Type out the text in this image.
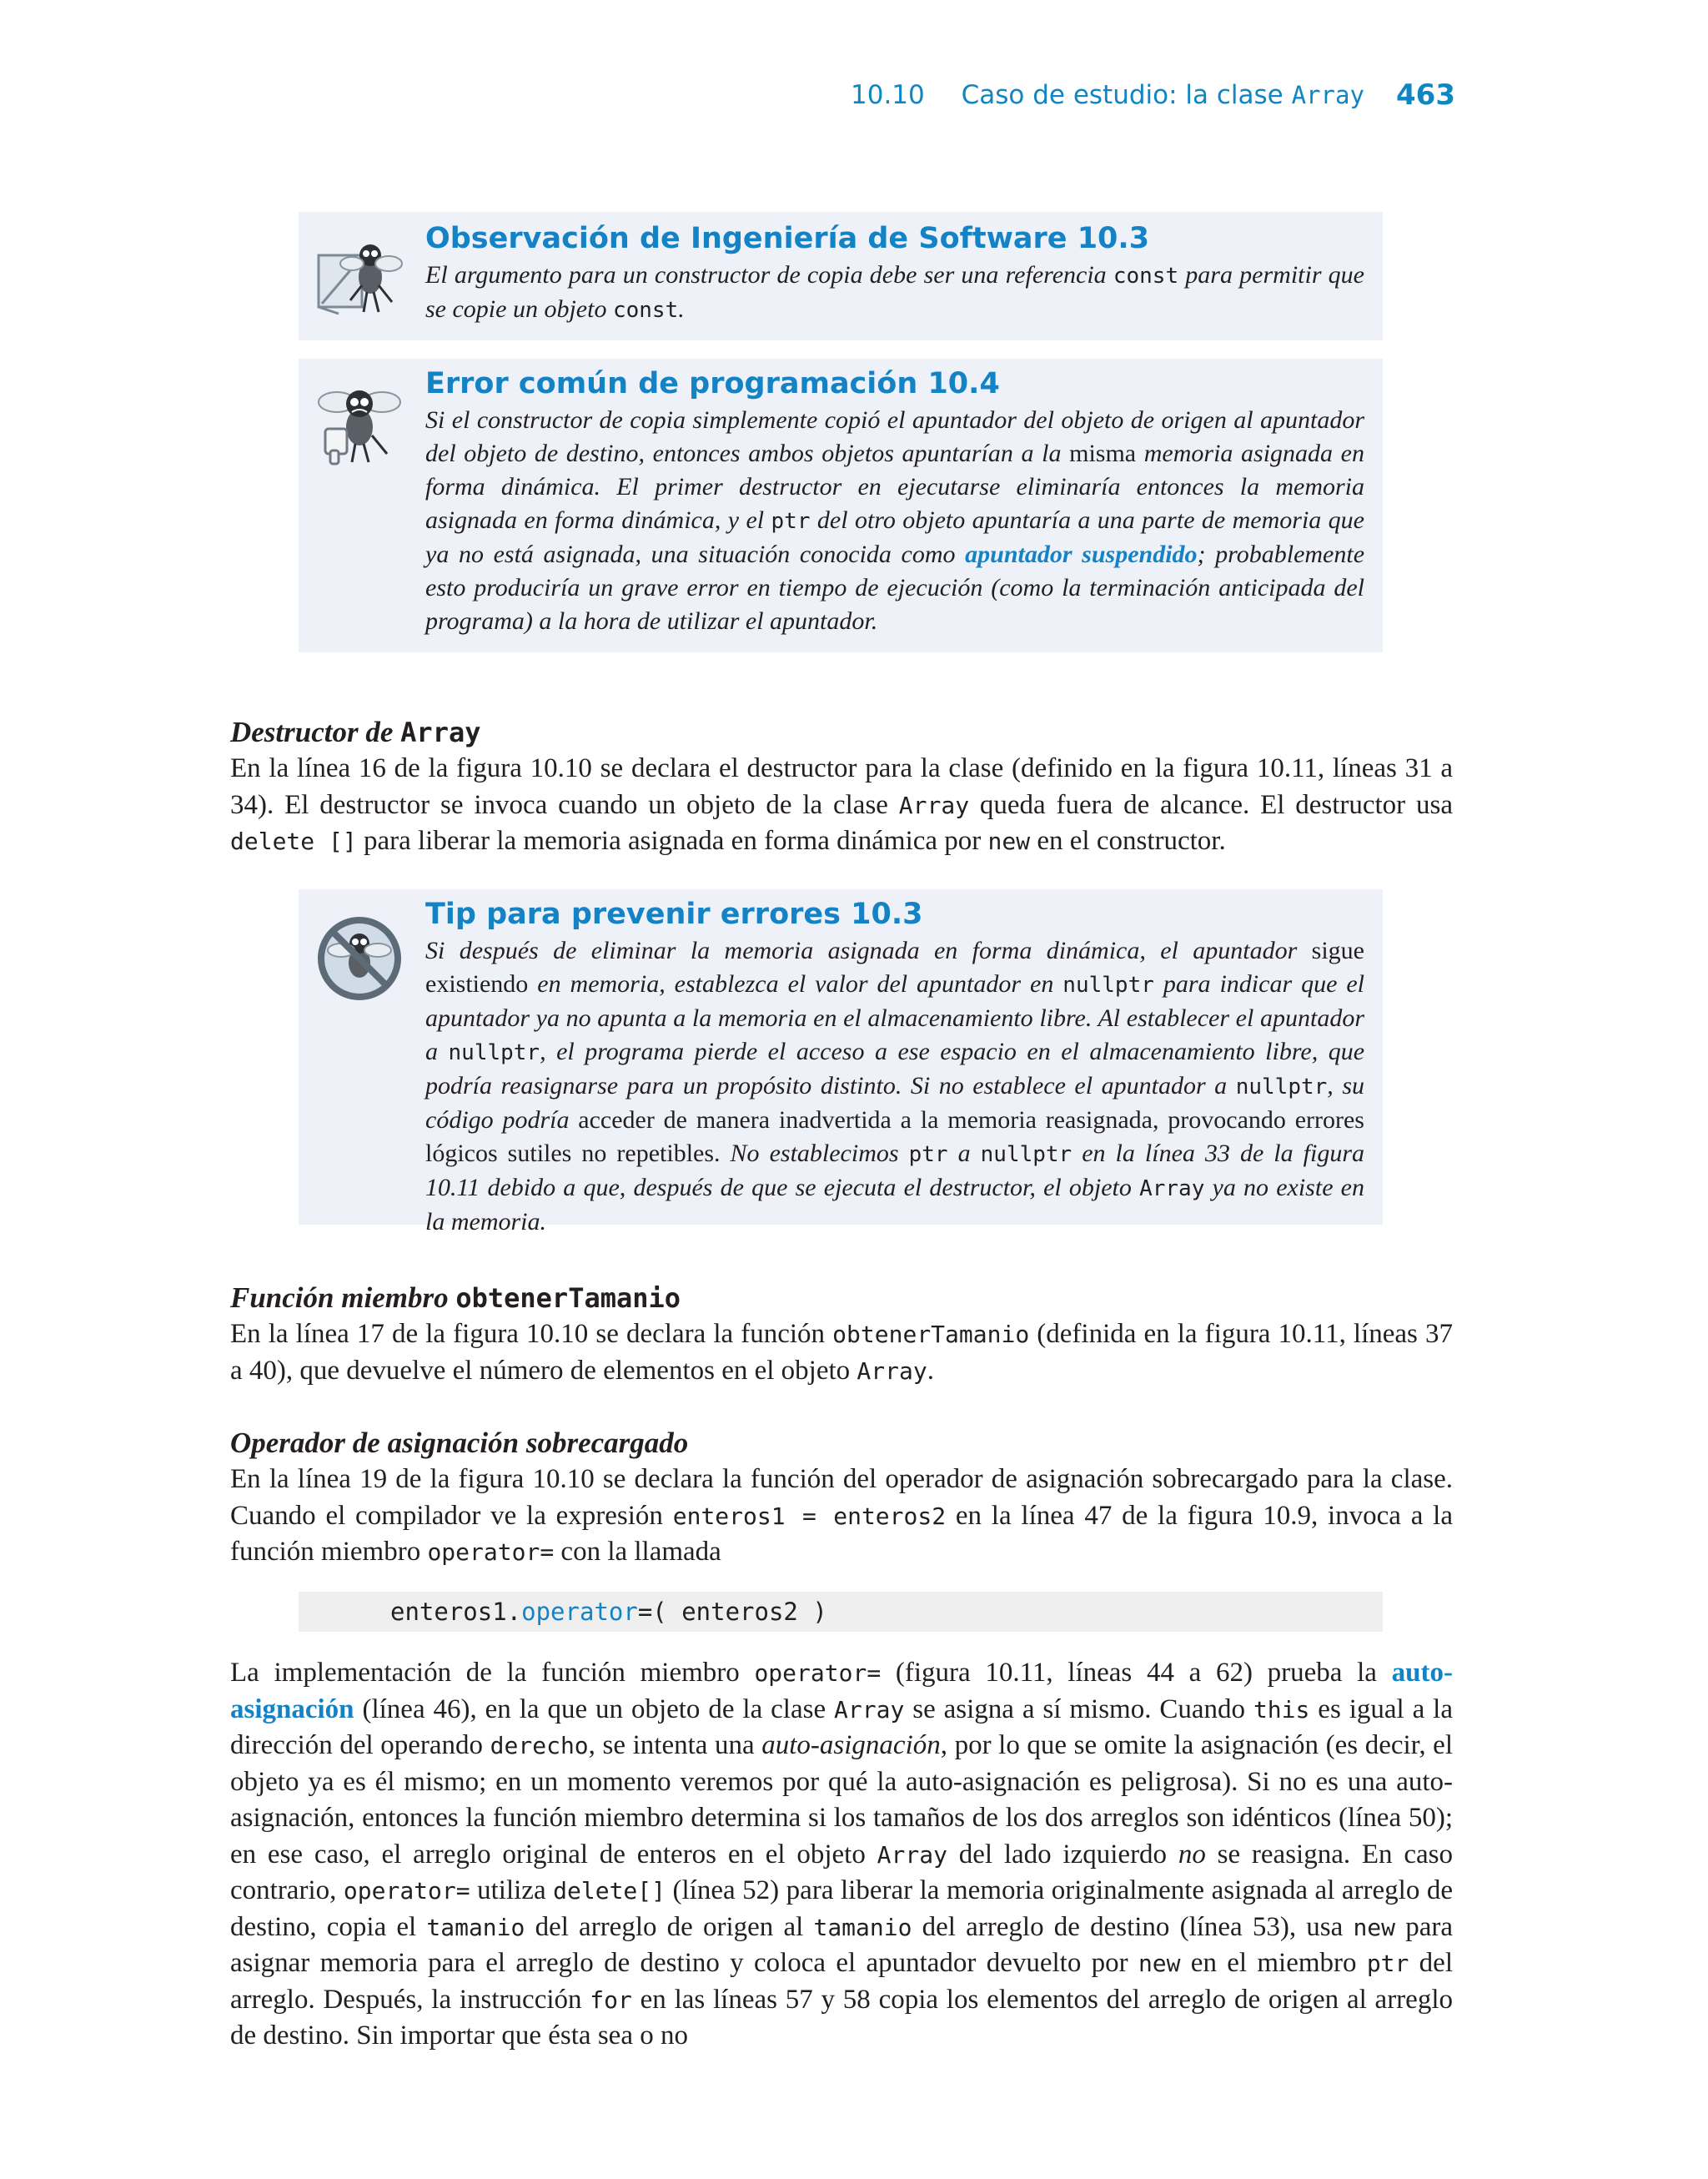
10.10 Caso de estudio: la clase Array	463
Observación de Ingeniería de Software 10.3
El argumento para un constructor de copia debe ser una referencia const para permitir que se copie un objeto const.
Error común de programación 10.4
Si el constructor de copia simplemente copió el apuntador del objeto de origen al apuntador del objeto de destino, entonces ambos objetos apuntarían a la misma memoria asignada en forma dinámica. El primer destructor en ejecutarse eliminaría entonces la memoria asignada en forma dinámica, y el ptr del otro objeto apuntaría a una parte de memoria que ya no está asignada, una situación conocida como apuntador suspendido; probablemente esto produciría un grave error en tiempo de ejecución (como la terminación anticipada del programa) a la hora de utilizar el apuntador.
Destructor de Array
En la línea 16 de la figura 10.10 se declara el destructor para la clase (definido en la figura 10.11, líneas 31 a 34). El destructor se invoca cuando un objeto de la clase Array queda fuera de alcance. El destructor usa delete [] para liberar la memoria asignada en forma dinámica por new en el constructor.
Tip para prevenir errores 10.3
Si después de eliminar la memoria asignada en forma dinámica, el apuntador sigue existiendo en memoria, establezca el valor del apuntador en nullptr para indicar que el apuntador ya no apunta a la memoria en el almacenamiento libre. Al establecer el apuntador a nullptr, el programa pierde el acceso a ese espacio en el almacenamiento libre, que podría reasignarse para un propósito distinto. Si no establece el apuntador a nullptr, su código podría acceder de manera inadvertida a la memoria reasignada, provocando errores lógicos sutiles no repetibles. No establecimos ptr a nullptr en la línea 33 de la figura 10.11 debido a que, después de que se ejecuta el destructor, el objeto Array ya no existe en la memoria.
Función miembro obtenerTamanio
En la línea 17 de la figura 10.10 se declara la función obtenerTamanio (definida en la figura 10.11, líneas 37 a 40), que devuelve el número de elementos en el objeto Array.
Operador de asignación sobrecargado
En la línea 19 de la figura 10.10 se declara la función del operador de asignación sobrecargado para la clase. Cuando el compilador ve la expresión enteros1 = enteros2 en la línea 47 de la figura 10.9, invoca a la función miembro operator= con la llamada
enteros1.operator=( enteros2 )
La implementación de la función miembro operator= (figura 10.11, líneas 44 a 62) prueba la auto-asignación (línea 46), en la que un objeto de la clase Array se asigna a sí mismo. Cuando this es igual a la dirección del operando derecho, se intenta una auto-asignación, por lo que se omite la asignación (es decir, el objeto ya es él mismo; en un momento veremos por qué la auto-asignación es peligrosa). Si no es una auto-asignación, entonces la función miembro determina si los tamaños de los dos arreglos son idénticos (línea 50); en ese caso, el arreglo original de enteros en el objeto Array del lado izquierdo no se reasigna. En caso contrario, operator= utiliza delete[] (línea 52) para liberar la memoria originalmente asignada al arreglo de destino, copia el tamanio del arreglo de origen al tamanio del arreglo de destino (línea 53), usa new para asignar memoria para el arreglo de destino y coloca el apuntador devuelto por new en el miembro ptr del arreglo. Después, la instrucción for en las líneas 57 y 58 copia los elementos del arreglo de origen al arreglo de destino. Sin importar que ésta sea o no
